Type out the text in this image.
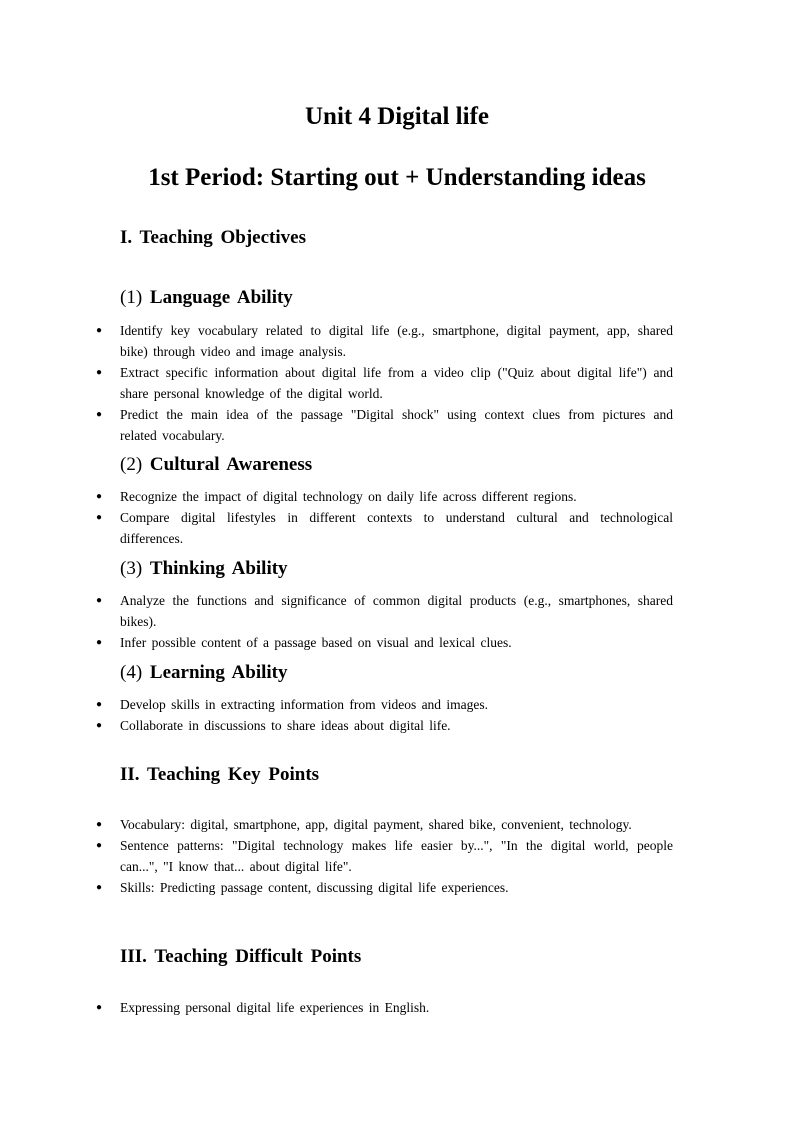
Unit 4 Digital life
1st Period: Starting out + Understanding ideas
I. Teaching Objectives
(1) Language Ability
● Identify key vocabulary related to digital life (e.g., smartphone, digital payment, app, shared bike) through video and image analysis.
● Extract specific information about digital life from a video clip ("Quiz about digital life") and share personal knowledge of the digital world.
● Predict the main idea of the passage "Digital shock" using context clues from pictures and related vocabulary.
(2) Cultural Awareness
● Recognize the impact of digital technology on daily life across different regions.
● Compare digital lifestyles in different contexts to understand cultural and technological differences.
(3) Thinking Ability
● Analyze the functions and significance of common digital products (e.g., smartphones, shared bikes).
● Infer possible content of a passage based on visual and lexical clues.
(4) Learning Ability
● Develop skills in extracting information from videos and images.
● Collaborate in discussions to share ideas about digital life.
II. Teaching Key Points
● Vocabulary: digital, smartphone, app, digital payment, shared bike, convenient, technology.
● Sentence patterns: "Digital technology makes life easier by...", "In the digital world, people can...", "I know that... about digital life".
● Skills: Predicting passage content, discussing digital life experiences.
III. Teaching Difficult Points
● Expressing personal digital life experiences in English.
